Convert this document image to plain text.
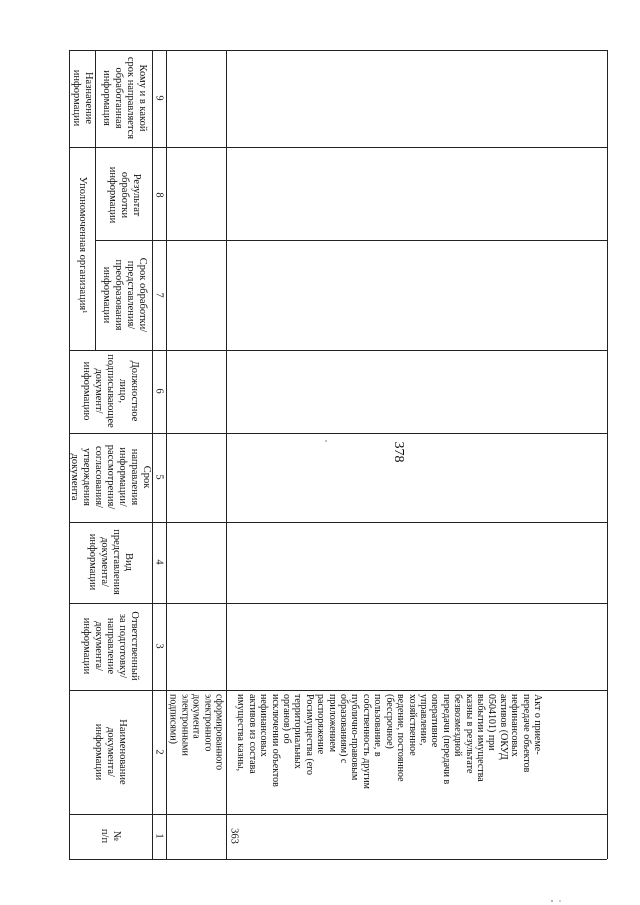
378
Назначение
информации	Кому и в какой
срок направляется
обработанная
информация
Уполномоченная организация¹	Результат
обработки
информации
Срок обработки/
представления/
преобразования
информации
Должностное
лицо,
подписывающее
документ/
информацию
Срок
направления
информации/
рассмотрения/
согласования/
утверждения
документа
Вид
представления
документа/
информации
Ответственный
за подготовку/
направление
документа/
информации
Наименование
документа/
информации
№
п/п
9
8
7
6
5
4
3
2
1
сформированного
электронного
документа
электронными
подписями)
363
Акт о приеме-
передаче объектов
нефинансовых
активов (ОКУД
0504101) при
выбытии имущества
казны в результате
безвозмездной
передачи (передачи в
оперативное
управление,
хозяйственное
ведение, постоянное
(бессрочное)
пользование, в
собственность другим
публично-правовым
образованиям) с
приложением
распоряжение
Росимущества (его
территориальных
органов) об
исключении объектов
нефинансовых
активов из состава
имущества казны,
